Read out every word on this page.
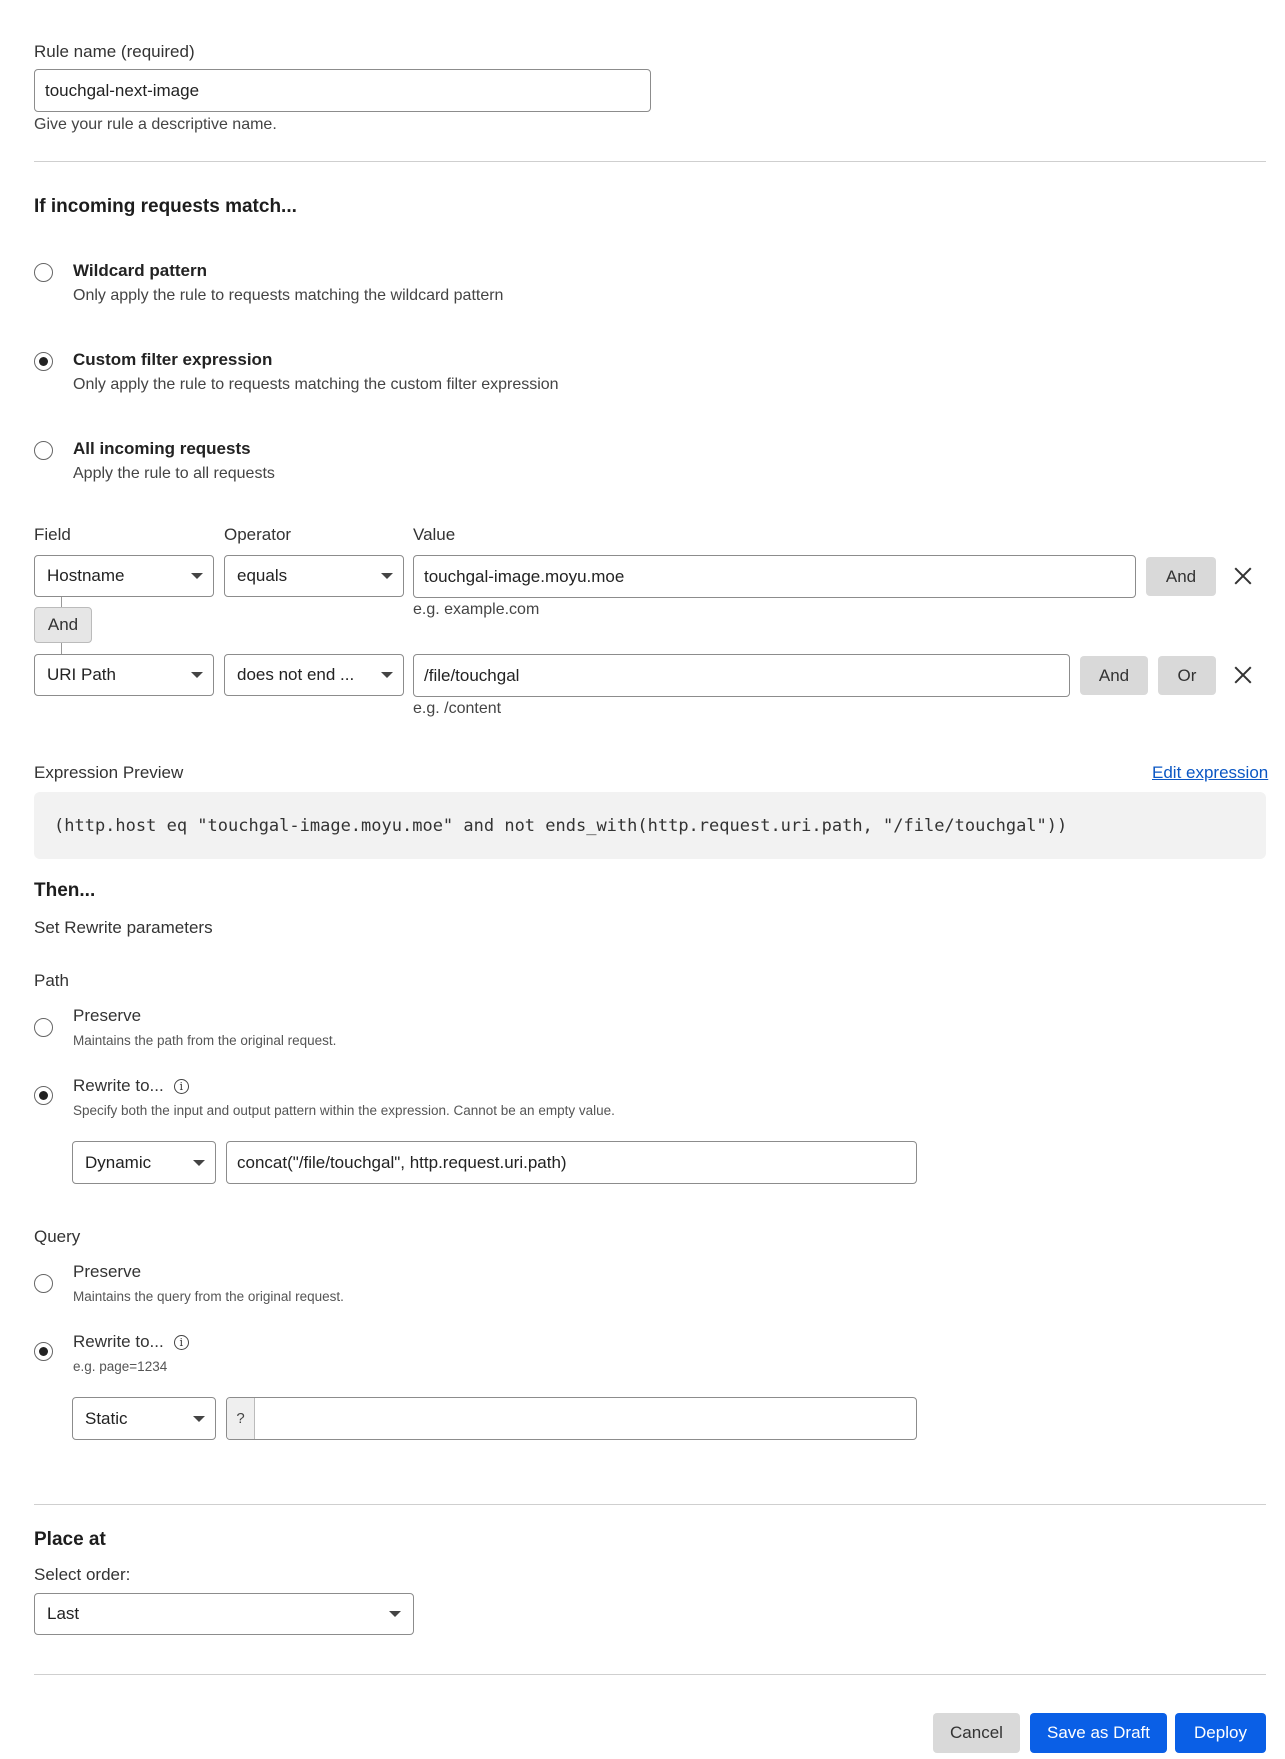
Rule name (required)
touchgal-next-image
Give your rule a descriptive name.
If incoming requests match...
Wildcard pattern
Only apply the rule to requests matching the wildcard pattern
Custom filter expression
Only apply the rule to requests matching the custom filter expression
All incoming requests
Apply the rule to all requests
Field	Operator	Value
Hostname	equals	touchgal-image.moyu.moe	And
e.g. example.com
And
URI Path	does not end ...	/file/touchgal	And	Or
e.g. /content
Expression Preview	Edit expression
(http.host eq "touchgal-image.moyu.moe" and not ends_with(http.request.uri.path, "/file/touchgal"))
Then...
Set Rewrite parameters
Path
Preserve
Maintains the path from the original request.
Rewrite to... i
Specify both the input and output pattern within the expression. Cannot be an empty value.
Dynamic	concat("/file/touchgal", http.request.uri.path)
Query
Preserve
Maintains the query from the original request.
Rewrite to... i
e.g. page=1234
Static	?
Place at
Select order:
Last
Cancel	Save as Draft	Deploy
